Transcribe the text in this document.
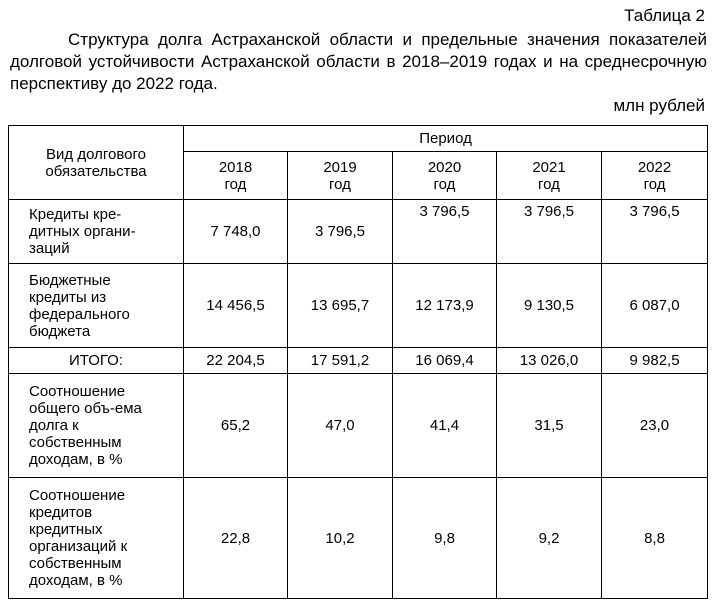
Таблица 2
Структура долга Астраханской области и предельные значения показателей долговой устойчивости Астраханской области в 2018–2019 годах и на среднесрочную перспективу до 2022 года.
млн рублей
Вид долгового обязательства	Период				

	2018 год	2019 год	2020 год	2021 год	2022 год

Кредиты кре-дитных органи-заций	7 748,0	3 796,5	3 796,5	3 796,5	3 796,5

Бюджетные кредиты из федерального бюджета	14 456,5	13 695,7	12 173,9	9 130,5	6 087,0
ИТОГО:	22 204,5	17 591,2	16 069,4	13 026,0	9 982,5

Соотношение общего объ-ема долга к собственным доходам, в %	65,2	47,0	41,4	31,5	23,0

Соотношение кредитов кредитных организаций к собственным доходам, в %	22,8	10,2	9,8	9,2	8,8
